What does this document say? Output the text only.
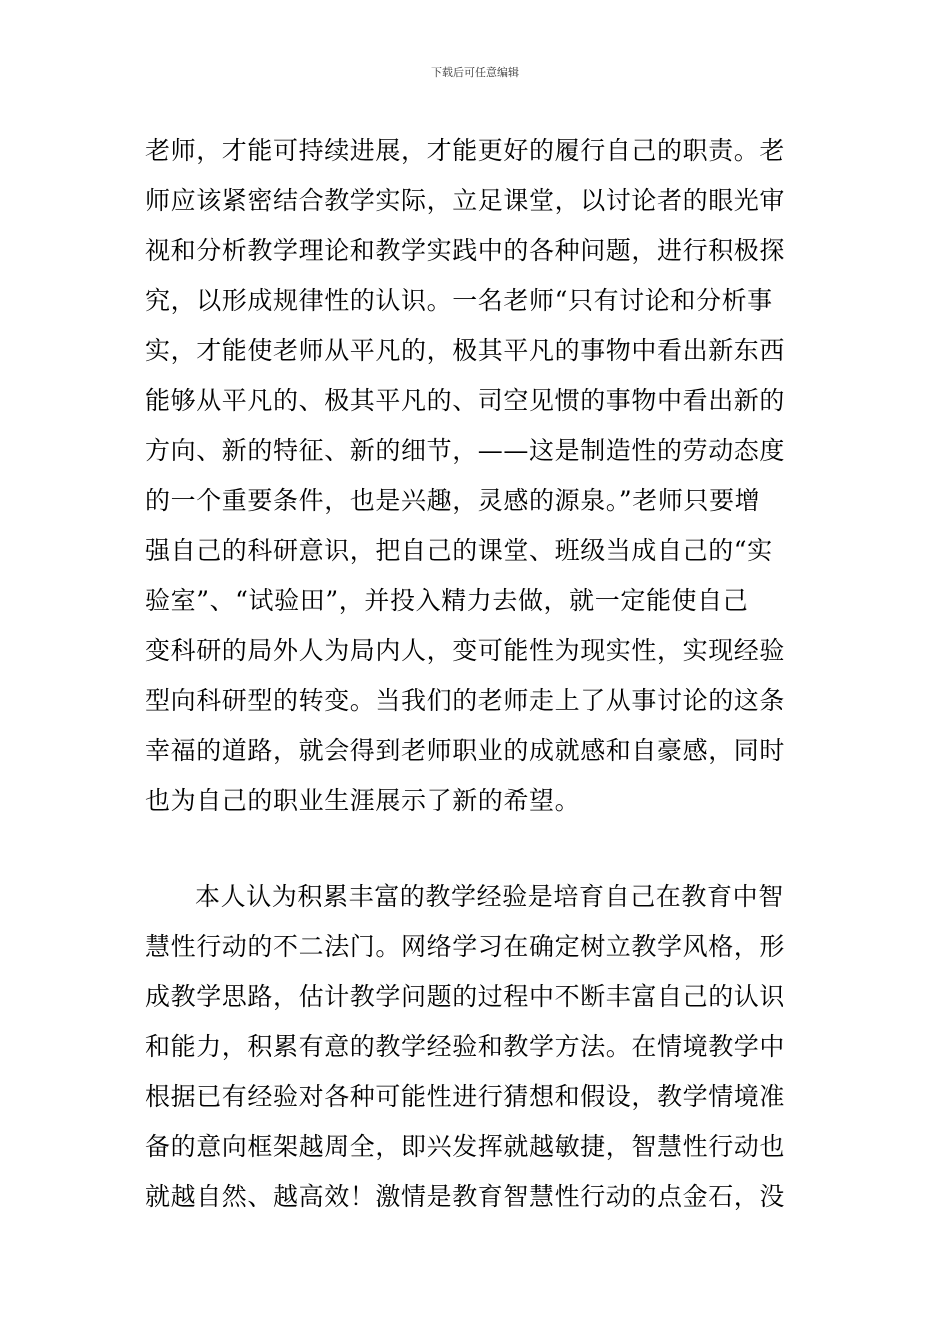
下载后可任意编辑
老师，才能可持续进展，才能更好的履行自己的职责。老
师应该紧密结合教学实际，立足课堂，以讨论者的眼光审
视和分析教学理论和教学实践中的各种问题，进行积极探
究，以形成规律性的认识。一名老师“只有讨论和分析事
实，才能使老师从平凡的，极其平凡的事物中看出新东西
能够从平凡的、极其平凡的、司空见惯的事物中看出新的
方向、新的特征、新的细节，——这是制造性的劳动态度
的一个重要条件，也是兴趣，灵感的源泉。”老师只要增
强自己的科研意识，把自己的课堂、班级当成自己的“实
验室”、“试验田”，并投入精力去做，就一定能使自己
变科研的局外人为局内人，变可能性为现实性，实现经验
型向科研型的转变。当我们的老师走上了从事讨论的这条
幸福的道路，就会得到老师职业的成就感和自豪感，同时
也为自己的职业生涯展示了新的希望。
本人认为积累丰富的教学经验是培育自己在教育中智
慧性行动的不二法门。网络学习在确定树立教学风格，形
成教学思路，估计教学问题的过程中不断丰富自己的认识
和能力，积累有意的教学经验和教学方法。在情境教学中
根据已有经验对各种可能性进行猜想和假设，教学情境准
备的意向框架越周全，即兴发挥就越敏捷，智慧性行动也
就越自然、越高效！激情是教育智慧性行动的点金石，没
